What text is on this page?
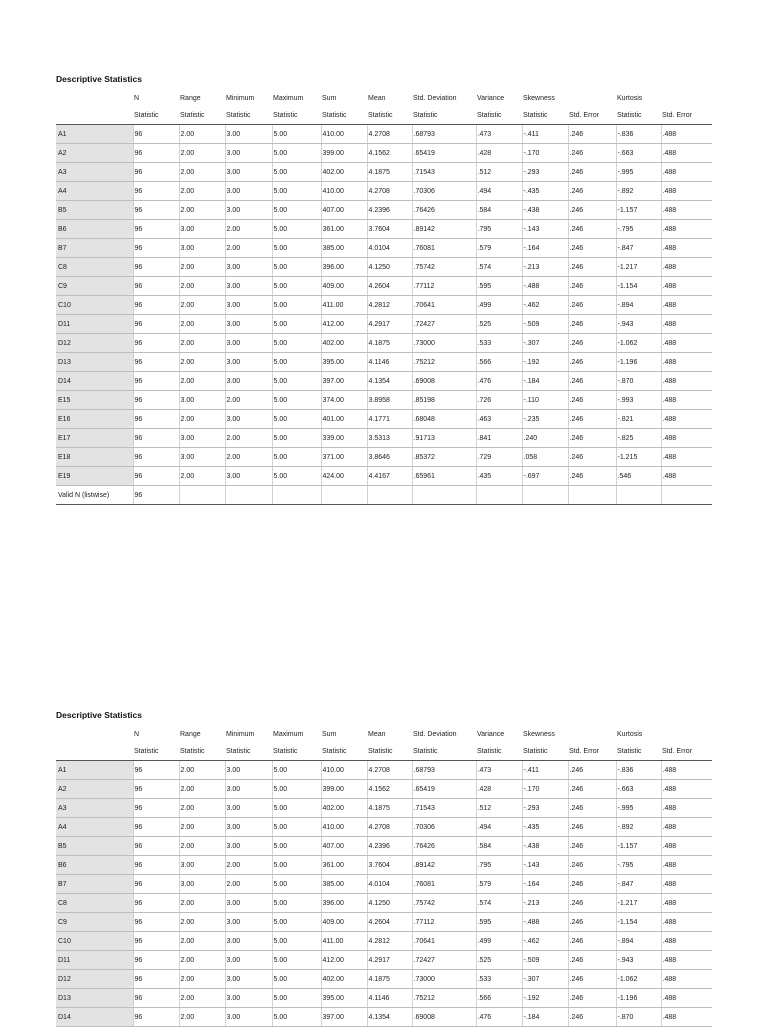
Descriptive Statistics
	N	Range	Minimum	Maximum	Sum	Mean	Std. Deviation	Variance	Skewness		Kurtosis	
	Statistic	Statistic	Statistic	Statistic	Statistic	Statistic	Statistic	Statistic	Statistic	Std. Error	Statistic	Std. Error
A1	96	2.00	3.00	5.00	410.00	4.2708	.68793	.473	-.411	.246	-.836	.488
A2	96	2.00	3.00	5.00	399.00	4.1562	.65419	.428	-.170	.246	-.663	.488
A3	96	2.00	3.00	5.00	402.00	4.1875	.71543	.512	-.293	.246	-.995	.488
A4	96	2.00	3.00	5.00	410.00	4.2708	.70306	.494	-.435	.246	-.892	.488
B5	96	2.00	3.00	5.00	407.00	4.2396	.76426	.584	-.438	.246	-1.157	.488
B6	96	3.00	2.00	5.00	361.00	3.7604	.89142	.795	-.143	.246	-.795	.488
B7	96	3.00	2.00	5.00	385.00	4.0104	.76081	.579	-.164	.246	-.847	.488
C8	96	2.00	3.00	5.00	396.00	4.1250	.75742	.574	-.213	.246	-1.217	.488
C9	96	2.00	3.00	5.00	409.00	4.2604	.77112	.595	-.488	.246	-1.154	.488
C10	96	2.00	3.00	5.00	411.00	4.2812	.70641	.499	-.462	.246	-.894	.488
D11	96	2.00	3.00	5.00	412.00	4.2917	.72427	.525	-.509	.246	-.943	.488
D12	96	2.00	3.00	5.00	402.00	4.1875	.73000	.533	-.307	.246	-1.062	.488
D13	96	2.00	3.00	5.00	395.00	4.1146	.75212	.566	-.192	.246	-1.196	.488
D14	96	2.00	3.00	5.00	397.00	4.1354	.69008	.476	-.184	.246	-.870	.488
E15	96	3.00	2.00	5.00	374.00	3.8958	.85198	.726	-.110	.246	-.993	.488
E16	96	2.00	3.00	5.00	401.00	4.1771	.68048	.463	-.235	.246	-.821	.488
E17	96	3.00	2.00	5.00	339.00	3.5313	.91713	.841	.240	.246	-.825	.488
E18	96	3.00	2.00	5.00	371.00	3.8646	.85372	.729	.058	.246	-1.215	.488
E19	96	2.00	3.00	5.00	424.00	4.4167	.65961	.435	-.697	.246	.546	.488
Valid N (listwise)	96											
Descriptive Statistics
	N	Range	Minimum	Maximum	Sum	Mean	Std. Deviation	Variance	Skewness		Kurtosis	
	Statistic	Statistic	Statistic	Statistic	Statistic	Statistic	Statistic	Statistic	Statistic	Std. Error	Statistic	Std. Error
A1	96	2.00	3.00	5.00	410.00	4.2708	.68793	.473	-.411	.246	-.836	.488
A2	96	2.00	3.00	5.00	399.00	4.1562	.65419	.428	-.170	.246	-.663	.488
A3	96	2.00	3.00	5.00	402.00	4.1875	.71543	.512	-.293	.246	-.995	.488
A4	96	2.00	3.00	5.00	410.00	4.2708	.70306	.494	-.435	.246	-.892	.488
B5	96	2.00	3.00	5.00	407.00	4.2396	.76426	.584	-.438	.246	-1.157	.488
B6	96	3.00	2.00	5.00	361.00	3.7604	.89142	.795	-.143	.246	-.795	.488
B7	96	3.00	2.00	5.00	385.00	4.0104	.76081	.579	-.164	.246	-.847	.488
C8	96	2.00	3.00	5.00	396.00	4.1250	.75742	.574	-.213	.246	-1.217	.488
C9	96	2.00	3.00	5.00	409.00	4.2604	.77112	.595	-.488	.246	-1.154	.488
C10	96	2.00	3.00	5.00	411.00	4.2812	.70641	.499	-.462	.246	-.894	.488
D11	96	2.00	3.00	5.00	412.00	4.2917	.72427	.525	-.509	.246	-.943	.488
D12	96	2.00	3.00	5.00	402.00	4.1875	.73000	.533	-.307	.246	-1.062	.488
D13	96	2.00	3.00	5.00	395.00	4.1146	.75212	.566	-.192	.246	-1.196	.488
D14	96	2.00	3.00	5.00	397.00	4.1354	.69008	.476	-.184	.246	-.870	.488
